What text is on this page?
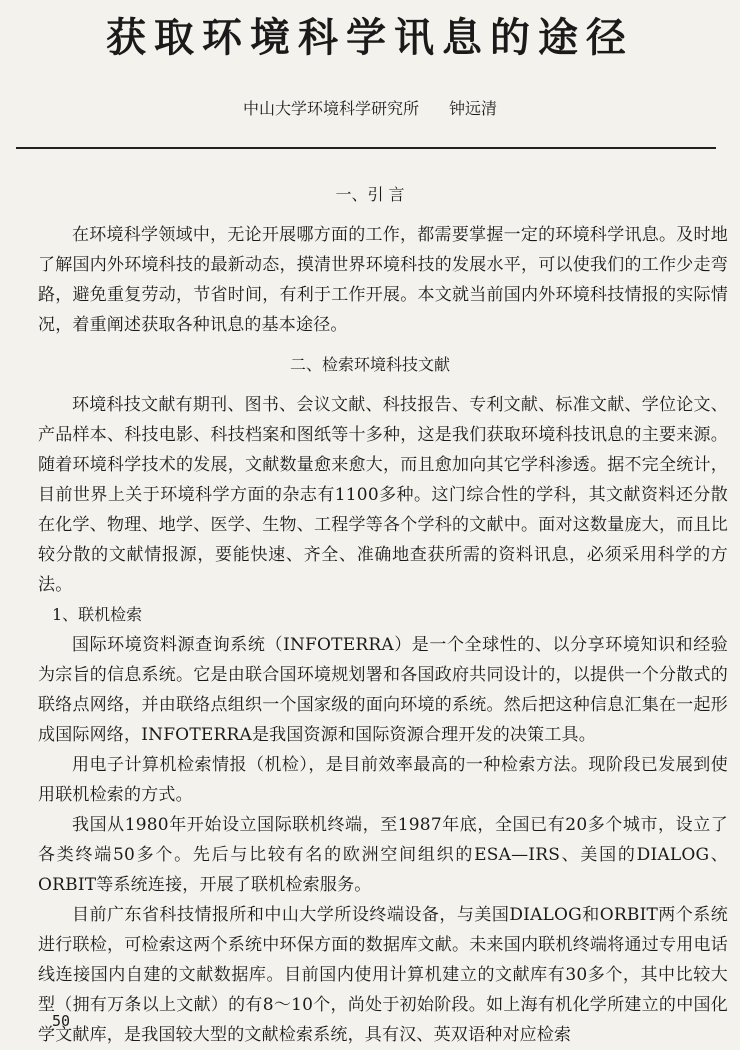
获取环境科学讯息的途径
中山大学环境科学研究所 钟远清
一、引 言

在环境科学领域中，无论开展哪方面的工作，都需要掌握一定的环境科学讯息。及时地了解国内外环境科技的最新动态，摸清世界环境科技的发展水平，可以使我们的工作少走弯路，避免重复劳动，节省时间，有利于工作开展。本文就当前国内外环境科技情报的实际情况，着重阐述获取各种讯息的基本途径。

二、检索环境科技文献

环境科技文献有期刊、图书、会议文献、科技报告、专利文献、标准文献、学位论文、产品样本、科技电影、科技档案和图纸等十多种，这是我们获取环境科技讯息的主要来源。随着环境科学技术的发展，文献数量愈来愈大，而且愈加向其它学科渗透。据不完全统计，目前世界上关于环境科学方面的杂志有1100多种。这门综合性的学科，其文献资料还分散在化学、物理、地学、医学、生物、工程学等各个学科的文献中。面对这数量庞大，而且比较分散的文献情报源，要能快速、齐全、准确地查获所需的资料讯息，必须采用科学的方法。

1、联机检索

国际环境资料源查询系统（INFOTERRA）是一个全球性的、以分享环境知识和经验为宗旨的信息系统。它是由联合国环境规划署和各国政府共同设计的，以提供一个分散式的联络点网络，并由联络点组织一个国家级的面向环境的系统。然后把这种信息汇集在一起形成国际网络，INFOTERRA是我国资源和国际资源合理开发的决策工具。

用电子计算机检索情报（机检），是目前效率最高的一种检索方法。现阶段已发展到使用联机检索的方式。

我国从1980年开始设立国际联机终端，至1987年底，全国已有20多个城市，设立了各类终端50多个。先后与比较有名的欧洲空间组织的ESA—IRS、美国的DIALOG、ORBIT等系统连接，开展了联机检索服务。

目前广东省科技情报所和中山大学所设终端设备，与美国DIALOG和ORBIT两个系统进行联检，可检索这两个系统中环保方面的数据库文献。未来国内联机终端将通过专用电话线连接国内自建的文献数据库。目前国内使用计算机建立的文献库有30多个，其中比较大型（拥有万条以上文献）的有8～10个，尚处于初始阶段。如上海有机化学所建立的中国化学文献库，是我国较大型的文献检索系统，具有汉、英双语种对应检索

50
